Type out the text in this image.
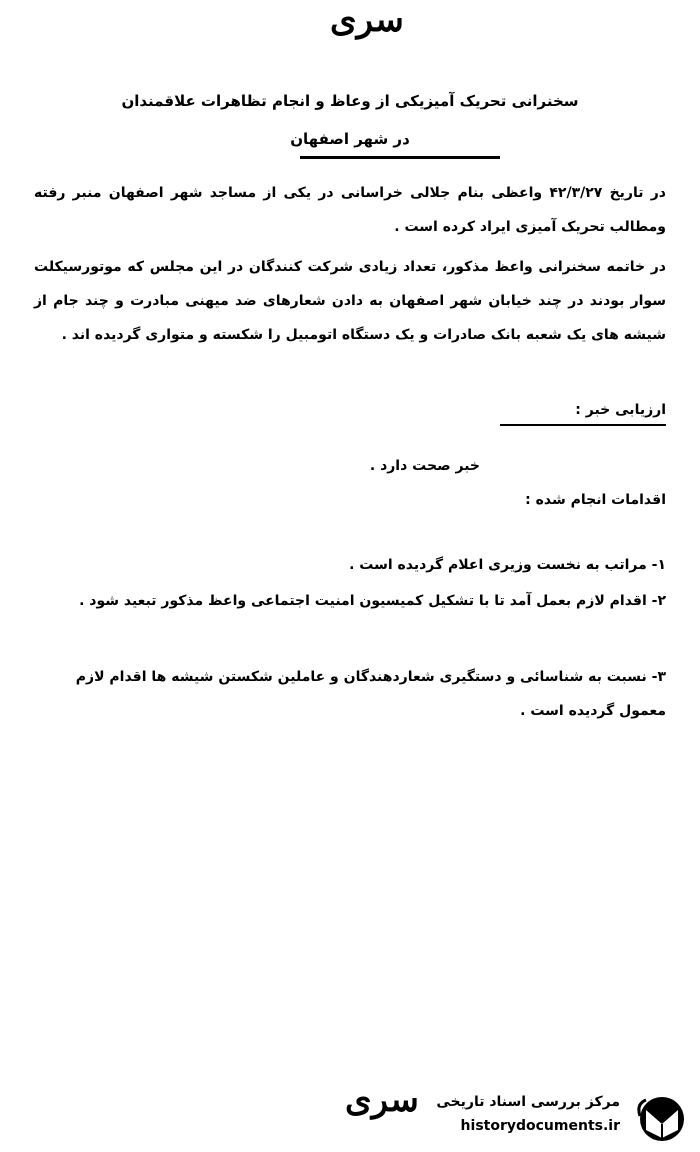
سری
سخنرانی تحریک آمیزیکی از وعاظ و انجام تظاهرات علاقمندان
در شهر اصفهان
در تاریخ ۴۲/۳/۲۷ واعظی بنام جلالی خراسانی در یکی از مساجد شهر اصفهان منبر رفته ومطالب تحریک آمیزی ایراد کرده است .
در خاتمه سخنرانی واعظ مذکور، تعداد زیادی شرکت کنندگان در این مجلس که موتورسیکلت سوار بودند در چند خیابان شهر اصفهان به دادن شعارهای ضد میهنی مبادرت و چند جام از شیشه های یک شعبه بانک صادرات و یک دستگاه اتومبیل را شکسته و متواری گردیده اند .
ارزیابی خبر :
خبر صحت دارد .
اقدامات انجام شده :
۱- مراتب به نخست وزیری اعلام گردیده است .
۲- اقدام لازم بعمل آمد تا با تشکیل کمیسیون امنیت اجتماعی واعظ مذکور تبعید شود .
۳- نسبت به شناسائی و دستگیری شعاردهندگان و عاملین شکستن شیشه ها اقدام لازم معمول گردیده است .
سری مرکز بررسی اسناد تاریخی
historydocuments.ir
